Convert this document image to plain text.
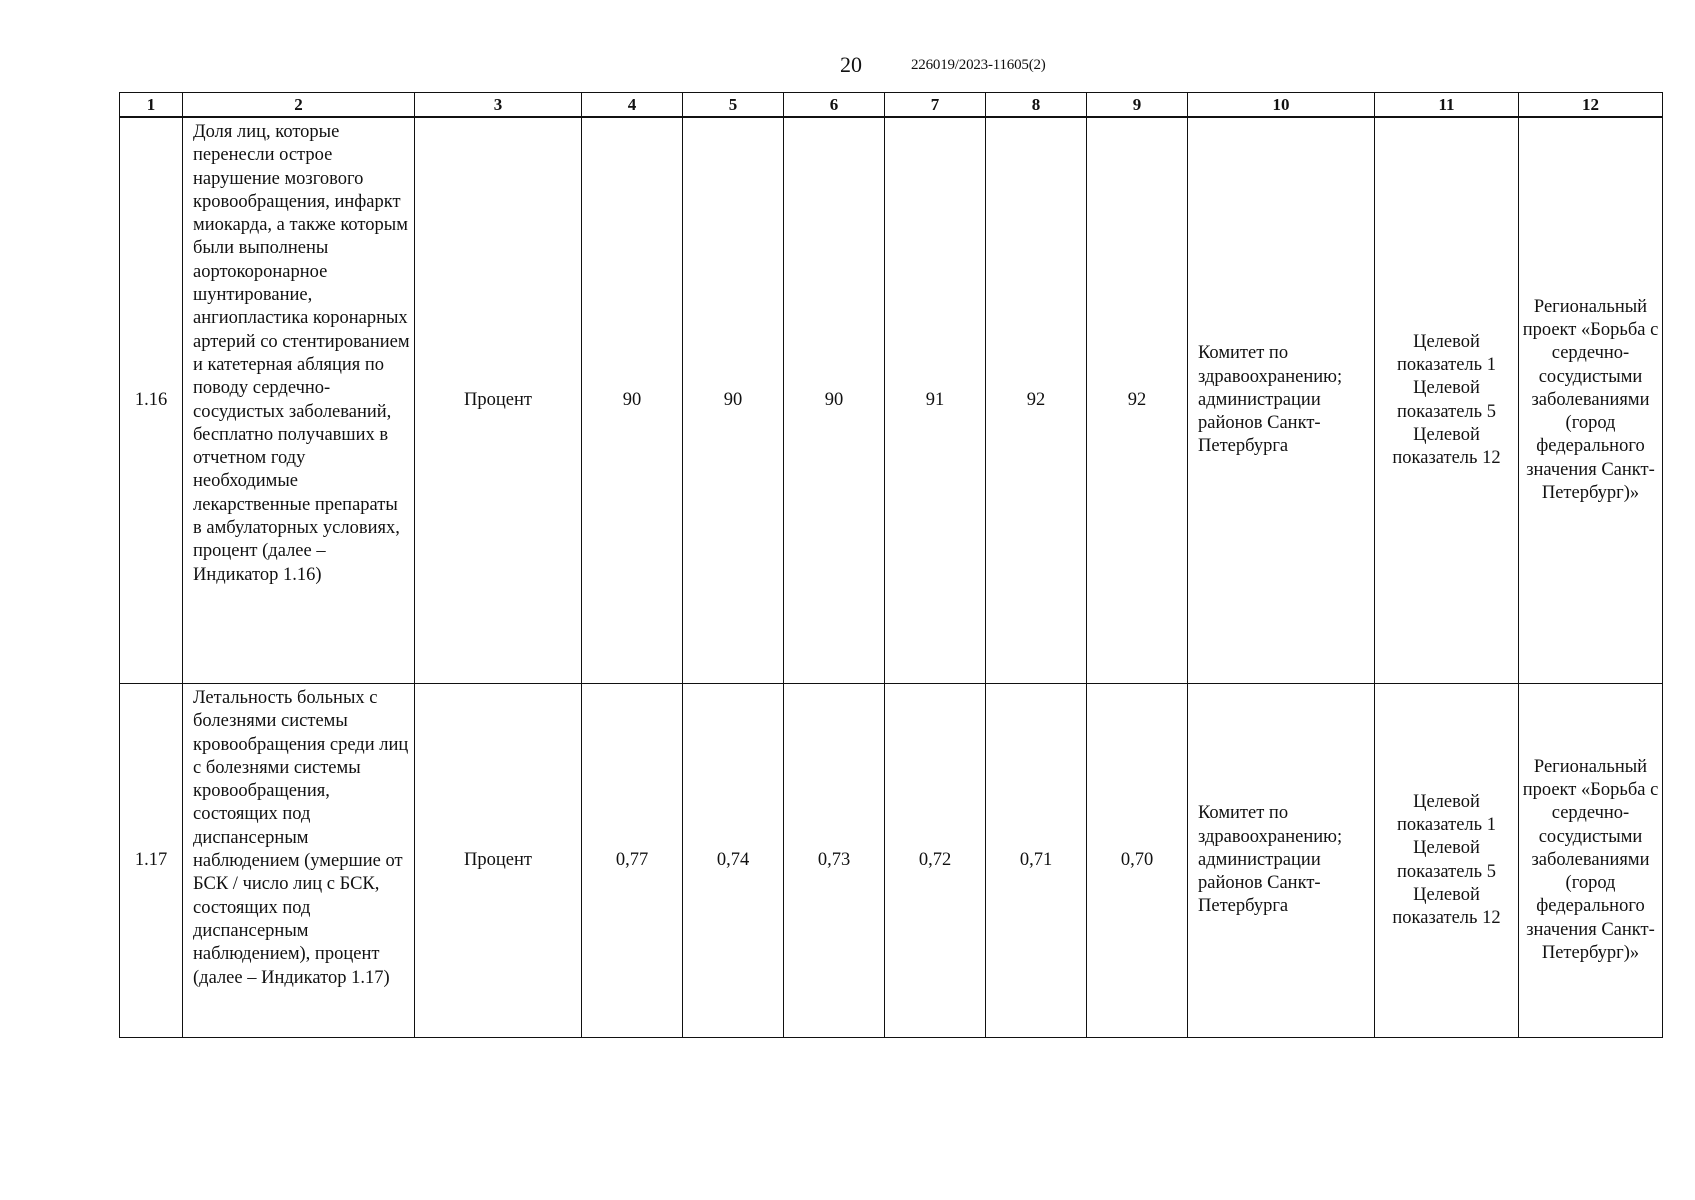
20	226019/2023-11605(2)
1	2	3	4	5	6	7	8	9	10	11	12
1.16	Доля лиц, которые перенесли острое нарушение мозгового кровообращения, инфаркт миокарда, а также которым были выполнены аортокоронарное шунтирование, ангиопластика коронарных артерий со стентированием и катетерная абляция по поводу сердечно-сосудистых заболеваний, бесплатно получавших в отчетном году необходимые лекарственные препараты в амбулаторных условиях, процент (далее – Индикатор 1.16)	Процент	90	90	90	91	92	92	Комитет по здравоохранению; администрации районов Санкт-Петербурга	Целевой показатель 1 Целевой показатель 5 Целевой показатель 12	Региональный проект «Борьба с сердечно-сосудистыми заболеваниями (город федерального значения Санкт-Петербург)»
1.17	Летальность больных с болезнями системы кровообращения среди лиц с болезнями системы кровообращения, состоящих под диспансерным наблюдением (умершие от БСК / число лиц с БСК, состоящих под диспансерным наблюдением), процент (далее – Индикатор 1.17)	Процент	0,77	0,74	0,73	0,72	0,71	0,70	Комитет по здравоохранению; администрации районов Санкт-Петербурга	Целевой показатель 1 Целевой показатель 5 Целевой показатель 12	Региональный проект «Борьба с сердечно-сосудистыми заболеваниями (город федерального значения Санкт-Петербург)»
